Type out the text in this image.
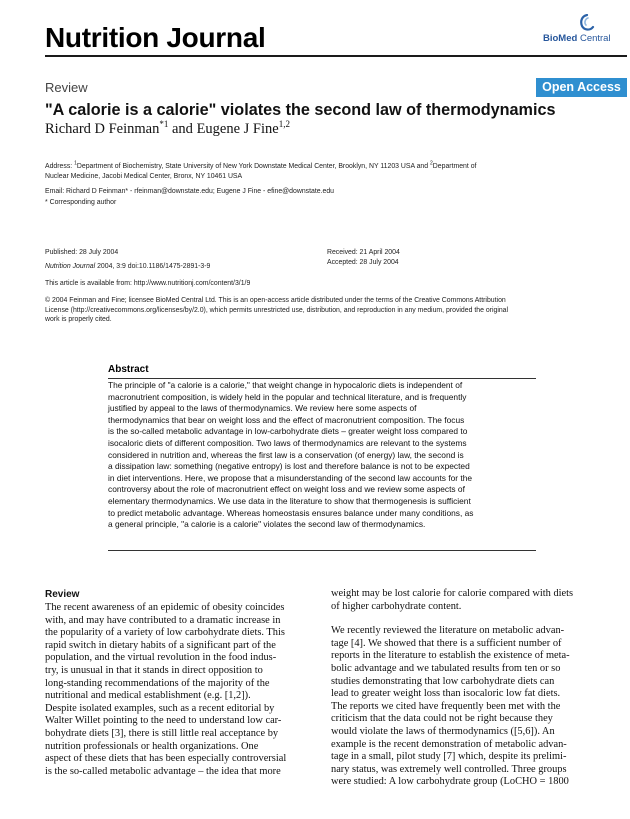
Nutrition Journal	BioMed Central
Review	Open Access
"A calorie is a calorie" violates the second law of thermodynamics
Richard D Feinman$^{*1}$ and Eugene J Fine$^{1,2}$
Address: $^1$Department of Biochemistry, State University of New York Downstate Medical Center, Brooklyn, NY 11203 USA and $^2$Department of
Nuclear Medicine, Jacobi Medical Center, Bronx, NY 10461 USA
Email: Richard D Feinman* - rfeinman@downstate.edu; Eugene J Fine - efine@downstate.edu
* Corresponding author
Published: 28 July 2004
Nutrition Journal 2004, 3:9 doi:10.1186/1475-2891-3-9
Received: 21 April 2004
Accepted: 28 July 2004
This article is available from: http://www.nutritionj.com/content/3/1/9
© 2004 Feinman and Fine; licensee BioMed Central Ltd. This is an open-access article distributed under the terms of the Creative Commons Attribution
License (http://creativecommons.org/licenses/by/2.0), which permits unrestricted use, distribution, and reproduction in any medium, provided the original
work is properly cited.
Abstract
The principle of "a calorie is a calorie," that weight change in hypocaloric diets is independent of
macronutrient composition, is widely held in the popular and technical literature, and is frequently
justified by appeal to the laws of thermodynamics. We review here some aspects of
thermodynamics that bear on weight loss and the effect of macronutrient composition. The focus
is the so-called metabolic advantage in low-carbohydrate diets – greater weight loss compared to
isocaloric diets of different composition. Two laws of thermodynamics are relevant to the systems
considered in nutrition and, whereas the first law is a conservation (of energy) law, the second is
a dissipation law: something (negative entropy) is lost and therefore balance is not to be expected
in diet interventions. Here, we propose that a misunderstanding of the second law accounts for the
controversy about the role of macronutrient effect on weight loss and we review some aspects of
elementary thermodynamics. We use data in the literature to show that thermogenesis is sufficient
to predict metabolic advantage. Whereas homeostasis ensures balance under many conditions, as
a general principle, "a calorie is a calorie" violates the second law of thermodynamics.
Review

The recent awareness of an epidemic of obesity coincides
with, and may have contributed to a dramatic increase in
the popularity of a variety of low carbohydrate diets. This
rapid switch in dietary habits of a significant part of the
population, and the virtual revolution in the food indus-
try, is unusual in that it stands in direct opposition to
long-standing recommendations of the majority of the
nutritional and medical establishment (e.g. [1,2]).
Despite isolated examples, such as a recent editorial by
Walter Willet pointing to the need to understand low car-
bohydrate diets [3], there is still little real acceptance by
nutrition professionals or health organizations. One
aspect of these diets that has been especially controversial
is the so-called metabolic advantage – the idea that more

weight may be lost calorie for calorie compared with diets
of higher carbohydrate content.

We recently reviewed the literature on metabolic advan-
tage [4]. We showed that there is a sufficient number of
reports in the literature to establish the existence of meta-
bolic advantage and we tabulated results from ten or so
studies demonstrating that low carbohydrate diets can
lead to greater weight loss than isocaloric low fat diets.
The reports we cited have frequently been met with the
criticism that the data could not be right because they
would violate the laws of thermodynamics ([5,6]). An
example is the recent demonstration of metabolic advan-
tage in a small, pilot study [7] which, despite its prelimi-
nary status, was extremely well controlled. Three groups
were studied: A low carbohydrate group (LoCHO = 1800
